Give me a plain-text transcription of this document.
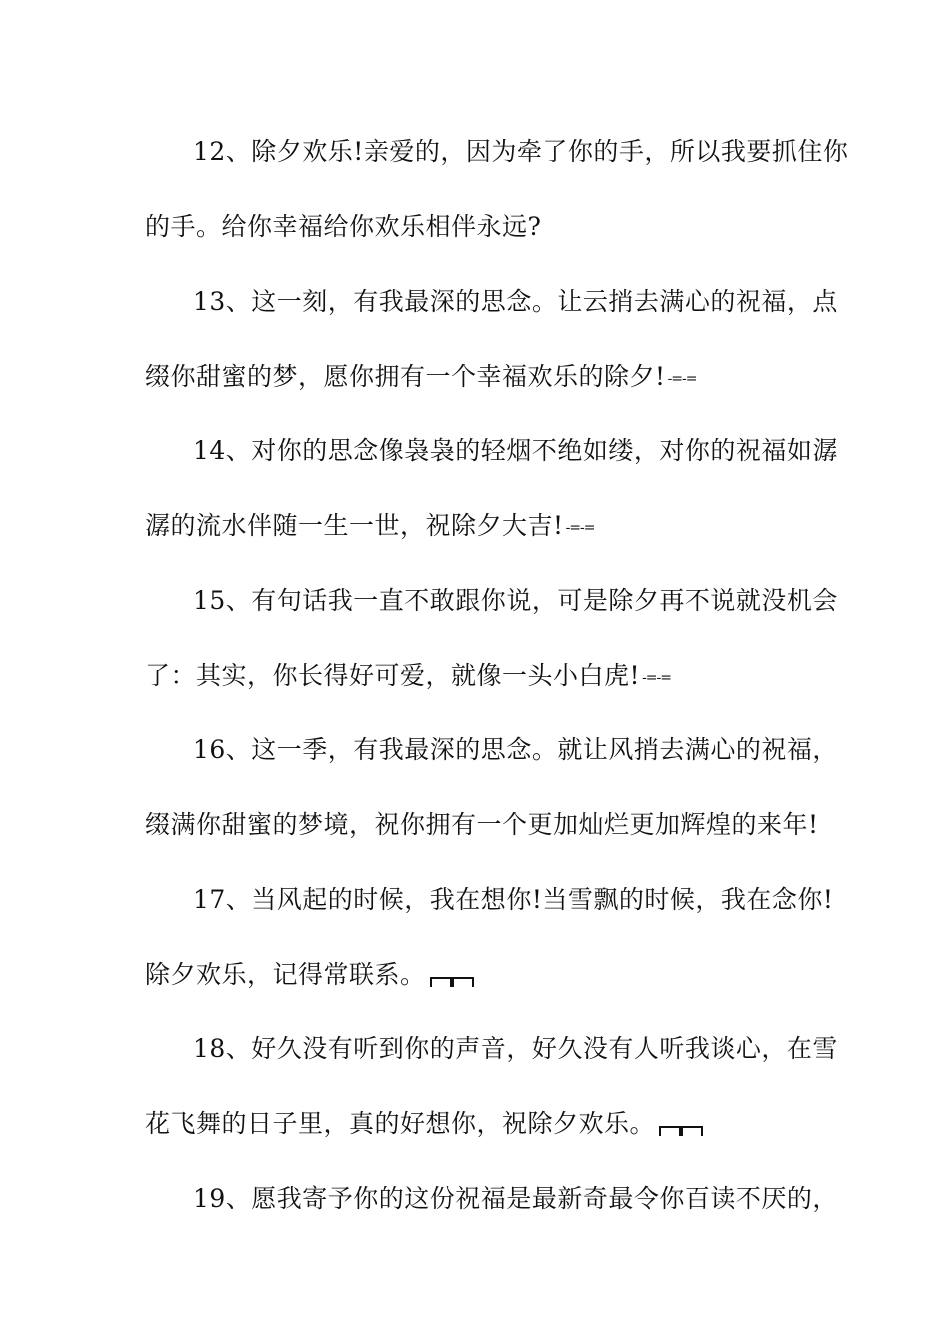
12、除夕欢乐!亲爱的，因为牵了你的手，所以我要抓住你
的手。给你幸福给你欢乐相伴永远?
13、这一刻，有我最深的思念。让云捎去满心的祝福，点
缀你甜蜜的梦，愿你拥有一个幸福欢乐的除夕! -=-=
14、对你的思念像袅袅的轻烟不绝如缕，对你的祝福如潺
潺的流水伴随一生一世，祝除夕大吉! -=-=
15、有句话我一直不敢跟你说，可是除夕再不说就没机会
了：其实，你长得好可爱，就像一头小白虎! -=-=
16、这一季，有我最深的思念。就让风捎去满心的祝福，
缀满你甜蜜的梦境，祝你拥有一个更加灿烂更加辉煌的来年!
17、当风起的时候，我在想你!当雪飘的时候，我在念你!
除夕欢乐，记得常联系。
18、好久没有听到你的声音，好久没有人听我谈心，在雪
花飞舞的日子里，真的好想你，祝除夕欢乐。
19、愿我寄予你的这份祝福是最新奇最令你百读不厌的，
